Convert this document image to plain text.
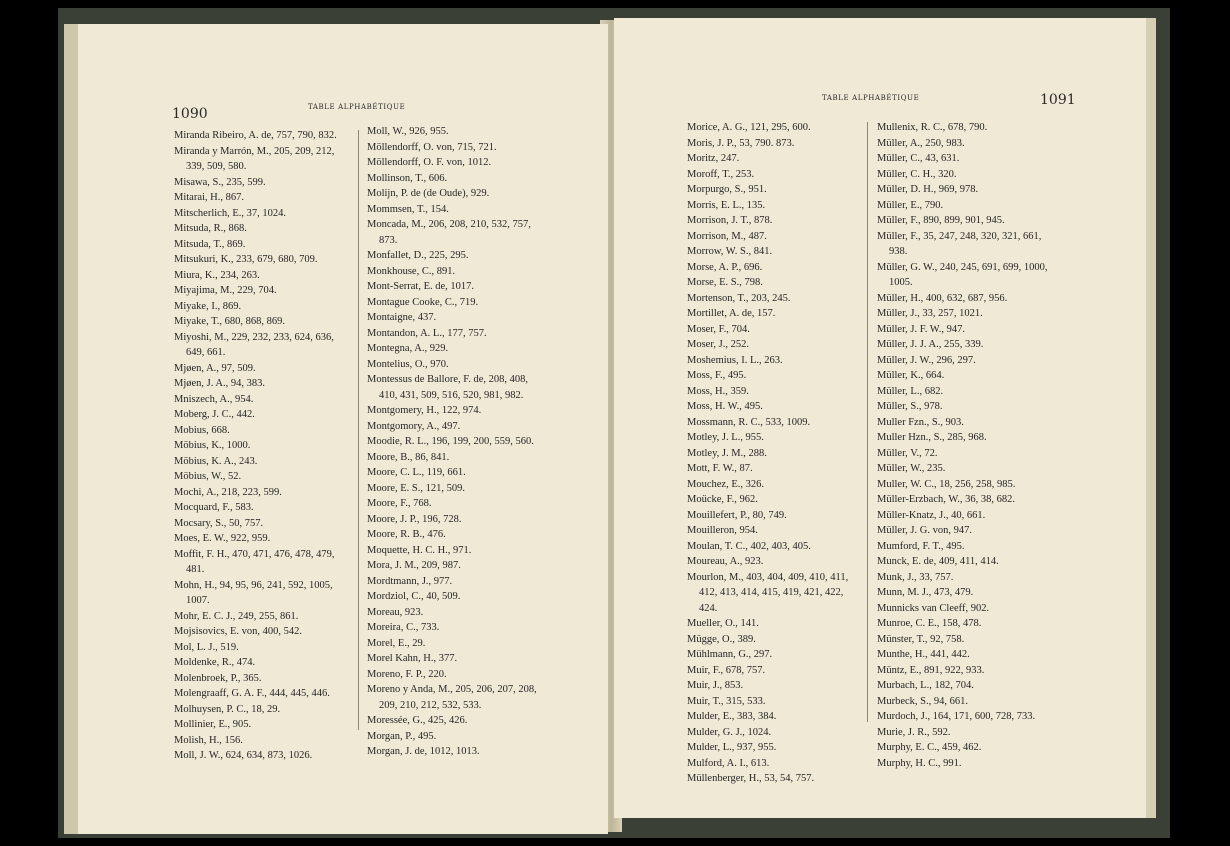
1090	TABLE ALPHABÉTIQUE
TABLE ALPHABÉTIQUE	1091
Miranda Ribeiro, A. de, 757, 790, 832.
Miranda y Marrón, M., 205, 209, 212, 339, 509, 580.
Misawa, S., 235, 599.
Mitarai, H., 867.
Mitscherlich, E., 37, 1024.
Mitsuda, R., 868.
Mitsuda, T., 869.
Mitsukuri, K., 233, 679, 680, 709.
Miura, K., 234, 263.
Miyajima, M., 229, 704.
Miyake, I., 869.
Miyake, T., 680, 868, 869.
Miyoshi, M., 229, 232, 233, 624, 636, 649, 661.
Mjøen, A., 97, 509.
Mjøen, J. A., 94, 383.
Mniszech, A., 954.
Moberg, J. C., 442.
Mobius, 668.
Möbius, K., 1000.
Möbius, K. A., 243.
Möbius, W., 52.
Mochi, A., 218, 223, 599.
Mocquard, F., 583.
Mocsary, S., 50, 757.
Moes, E. W., 922, 959.
Moffit, F. H., 470, 471, 476, 478, 479, 481.
Mohn, H., 94, 95, 96, 241, 592, 1005, 1007.
Mohr, E. C. J., 249, 255, 861.
Mojsisovics, E. von, 400, 542.
Mol, L. J., 519.
Moldenke, R., 474.
Molenbroek, P., 365.
Molengraaff, G. A. F., 444, 445, 446.
Molhuysen, P. C., 18, 29.
Mollinier, E., 905.
Molish, H., 156.
Moll, J. W., 624, 634, 873, 1026.
Moll, W., 926, 955.
Möllendorff, O. von, 715, 721.
Möllendorff, O. F. von, 1012.
Mollinson, T., 606.
Molijn, P. de (de Oude), 929.
Mommsen, T., 154.
Moncada, M., 206, 208, 210, 532, 757, 873.
Monfallet, D., 225, 295.
Monkhouse, C., 891.
Mont-Serrat, E. de, 1017.
Montague Cooke, C., 719.
Montaigne, 437.
Montandon, A. L., 177, 757.
Montegna, A., 929.
Montelius, O., 970.
Montessus de Ballore, F. de, 208, 408, 410, 431, 509, 516, 520, 981, 982.
Montgomery, H., 122, 974.
Montgomory, A., 497.
Moodie, R. L., 196, 199, 200, 559, 560.
Moore, B., 86, 841.
Moore, C. L., 119, 661.
Moore, E. S., 121, 509.
Moore, F., 768.
Moore, J. P., 196, 728.
Moore, R. B., 476.
Moquette, H. C. H., 971.
Mora, J. M., 209, 987.
Mordtmann, J., 977.
Mordziol, C., 40, 509.
Moreau, 923.
Moreira, C., 733.
Morel, E., 29.
Morel Kahn, H., 377.
Moreno, F. P., 220.
Moreno y Anda, M., 205, 206, 207, 208, 209, 210, 212, 532, 533.
Moressée, G., 425, 426.
Morgan, P., 495.
Morgan, J. de, 1012, 1013.
Morice, A. G., 121, 295, 600.
Moris, J. P., 53, 790. 873.
Moritz, 247.
Moroff, T., 253.
Morpurgo, S., 951.
Morris, E. L., 135.
Morrison, J. T., 878.
Morrison, M., 487.
Morrow, W. S., 841.
Morse, A. P., 696.
Morse, E. S., 798.
Mortenson, T., 203, 245.
Mortillet, A. de, 157.
Moser, F., 704.
Moser, J., 252.
Moshemius, I. L., 263.
Moss, F., 495.
Moss, H., 359.
Moss, H. W., 495.
Mossmann, R. C., 533, 1009.
Motley, J. L., 955.
Motley, J. M., 288.
Mott, F. W., 87.
Mouchez, E., 326.
Moücke, F., 962.
Mouillefert, P., 80, 749.
Mouilleron, 954.
Moulan, T. C., 402, 403, 405.
Moureau, A., 923.
Mourlon, M., 403, 404, 409, 410, 411, 412, 413, 414, 415, 419, 421, 422, 424.
Mueller, O., 141.
Mügge, O., 389.
Mühlmann, G., 297.
Muir, F., 678, 757.
Muir, J., 853.
Muir, T., 315, 533.
Mulder, E., 383, 384.
Mulder, G. J., 1024.
Mulder, L., 937, 955.
Mulford, A. I., 613.
Müllenberger, H., 53, 54, 757.
Mullenix, R. C., 678, 790.
Müller, A., 250, 983.
Müller, C., 43, 631.
Müller, C. H., 320.
Müller, D. H., 969, 978.
Müller, E., 790.
Müller, F., 890, 899, 901, 945.
Müller, F., 35, 247, 248, 320, 321, 661, 938.
Müller, G. W., 240, 245, 691, 699, 1000, 1005.
Müller, H., 400, 632, 687, 956.
Müller, J., 33, 257, 1021.
Müller, J. F. W., 947.
Müller, J. J. A., 255, 339.
Müller, J. W., 296, 297.
Müller, K., 664.
Müller, L., 682.
Müller, S., 978.
Muller Fzn., S., 903.
Muller Hzn., S., 285, 968.
Müller, V., 72.
Müller, W., 235.
Muller, W. C., 18, 256, 258, 985.
Müller-Erzbach, W., 36, 38, 682.
Müller-Knatz, J., 40, 661.
Müller, J. G. von, 947.
Mumford, F. T., 495.
Munck, E. de, 409, 411, 414.
Munk, J., 33, 757.
Munn, M. J., 473, 479.
Munnicks van Cleeff, 902.
Munroe, C. E., 158, 478.
Münster, T., 92, 758.
Munthe, H., 441, 442.
Müntz, E., 891, 922, 933.
Murbach, L., 182, 704.
Murbeck, S., 94, 661.
Murdoch, J., 164, 171, 600, 728, 733.
Murie, J. R., 592.
Murphy, E. C., 459, 462.
Murphy, H. C., 991.
